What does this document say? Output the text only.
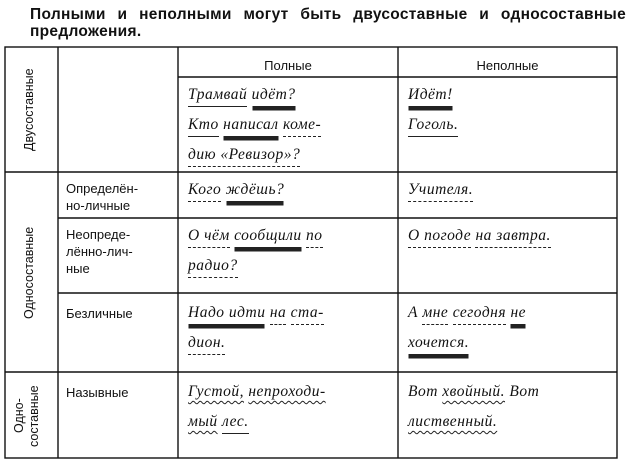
Полными и неполными могут быть двусоставные и односоставные предложения.
Полные	Неполные
Двусоставные
Односоставные
Одно-
составные
Определён-
но-личные
Неопреде-
лённо-лич-
ные
Безличные
Назывные
Трамвай идёт?
Кто написал коме-
дию «Ревизор»?
Идёт!
Гоголь.
Кого ждёшь?	Учителя.
О чём сообщили по
радио?
О погоде на завтра.
Надо идти на ста-
дион.
А мне сегодня не
хочется.
Густой, непроходи-
мый лес.
Вот хвойный. Вот
лиственный.
